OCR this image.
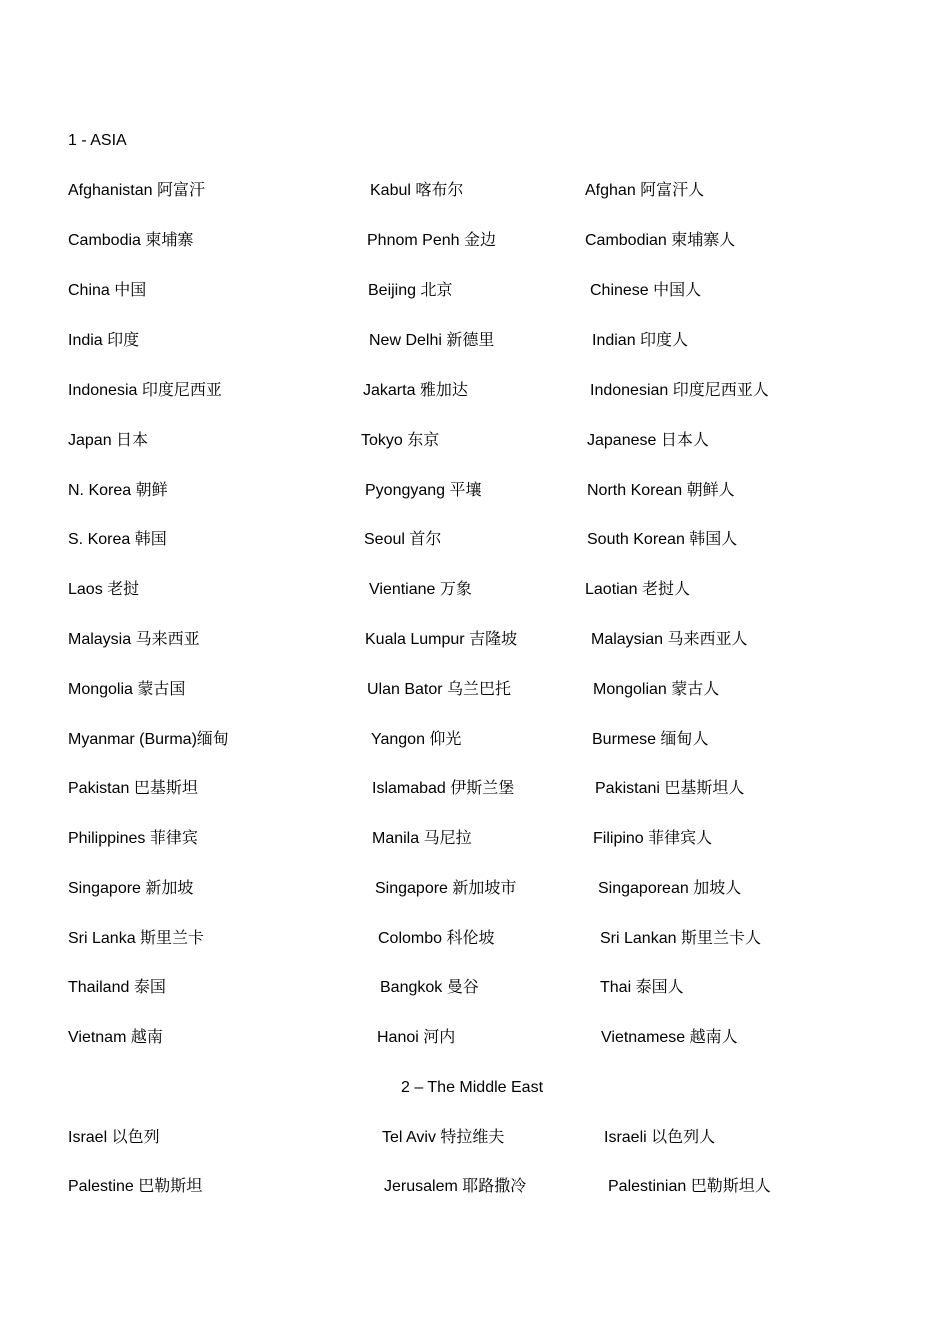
1 - ASIA
Afghanistan 阿富汗	Kabul 喀布尔	Afghan 阿富汗人
Cambodia 柬埔寨	Phnom Penh 金边	Cambodian 柬埔寨人
China 中国	Beijing 北京	Chinese 中国人
India 印度	New Delhi 新德里	Indian 印度人
Indonesia 印度尼西亚	Jakarta 雅加达	Indonesian 印度尼西亚人
Japan 日本	Tokyo 东京	Japanese 日本人
N. Korea 朝鲜	Pyongyang 平壤	North Korean 朝鲜人
S. Korea 韩国	Seoul 首尔	South Korean 韩国人
Laos 老挝	Vientiane 万象	Laotian 老挝人
Malaysia 马来西亚	Kuala Lumpur 吉隆坡	Malaysian 马来西亚人
Mongolia 蒙古国	Ulan Bator 乌兰巴托	Mongolian 蒙古人
Myanmar (Burma)缅甸	Yangon 仰光	Burmese 缅甸人
Pakistan 巴基斯坦	Islamabad 伊斯兰堡	Pakistani 巴基斯坦人
Philippines 菲律宾	Manila 马尼拉	Filipino 菲律宾人
Singapore 新加坡	Singapore 新加坡市	Singaporean 加坡人
Sri Lanka 斯里兰卡	Colombo 科伦坡	Sri Lankan 斯里兰卡人
Thailand 泰国	Bangkok 曼谷	Thai 泰国人
Vietnam 越南	Hanoi 河内	Vietnamese 越南人
2 – The Middle East
Israel 以色列	Tel Aviv 特拉维夫	Israeli 以色列人
Palestine 巴勒斯坦	Jerusalem 耶路撒冷	Palestinian 巴勒斯坦人
